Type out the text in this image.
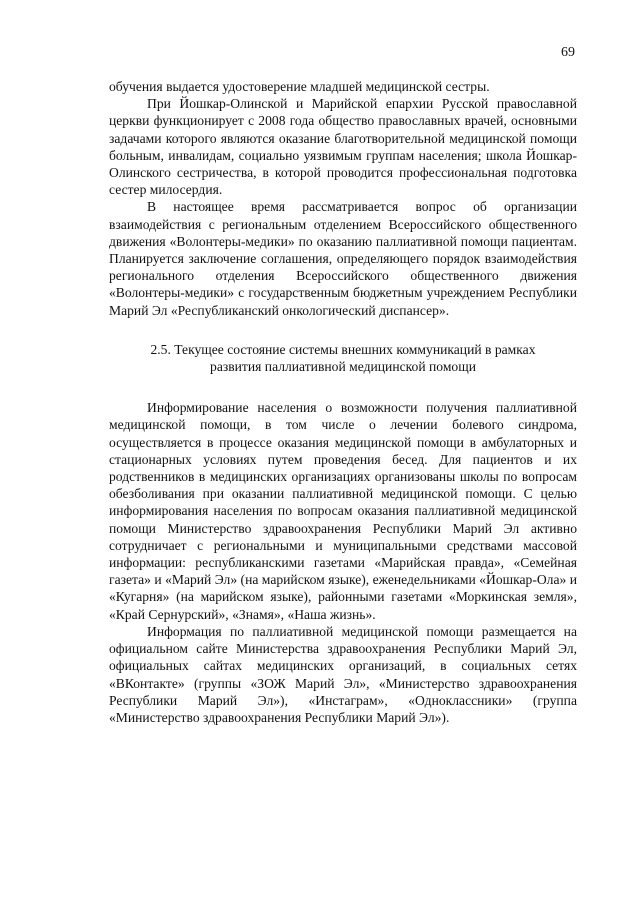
69

обучения выдается удостоверение младшей медицинской сестры.

При Йошкар-Олинской и Марийской епархии Русской православной церкви функционирует с 2008 года общество православных врачей, основными задачами которого являются оказание благотворительной медицинской помощи больным, инвалидам, социально уязвимым группам населения; школа Йошкар-Олинского сестричества, в которой проводится профессиональная подготовка сестер милосердия.

В настоящее время рассматривается вопрос об организации взаимодействия с региональным отделением Всероссийского общественного движения «Волонтеры-медики» по оказанию паллиативной помощи пациентам. Планируется заключение соглашения, определяющего порядок взаимодействия регионального отделения Всероссийского общественного движения «Волонтеры-медики» с государственным бюджетным учреждением Республики Марий Эл «Республиканский онкологический диспансер».

2.5. Текущее состояние системы внешних коммуникаций в рамках
развития паллиативной медицинской помощи

Информирование населения о возможности получения паллиативной медицинской помощи, в том числе о лечении болевого синдрома, осуществляется в процессе оказания медицинской помощи в амбулаторных и стационарных условиях путем проведения бесед. Для пациентов и их родственников в медицинских организациях организованы школы по вопросам обезболивания при оказании паллиативной медицинской помощи. С целью информирования населения по вопросам оказания паллиативной медицинской помощи Министерство здравоохранения Республики Марий Эл активно сотрудничает с региональными и муниципальными средствами массовой информации: республиканскими газетами «Марийская правда», «Семейная газета» и «Марий Эл» (на марийском языке), еженедельниками «Йошкар-Ола» и «Кугарня» (на марийском языке), районными газетами «Моркинская земля», «Край Сернурский», «Знамя», «Наша жизнь».

Информация по паллиативной медицинской помощи размещается на официальном сайте Министерства здравоохранения Республики Марий Эл, официальных сайтах медицинских организаций, в социальных сетях «ВКонтакте» (группы «ЗОЖ Марий Эл», «Министерство здравоохранения Республики Марий Эл»), «Инстаграм», «Одноклассники» (группа «Министерство здравоохранения Республики Марий Эл»).
